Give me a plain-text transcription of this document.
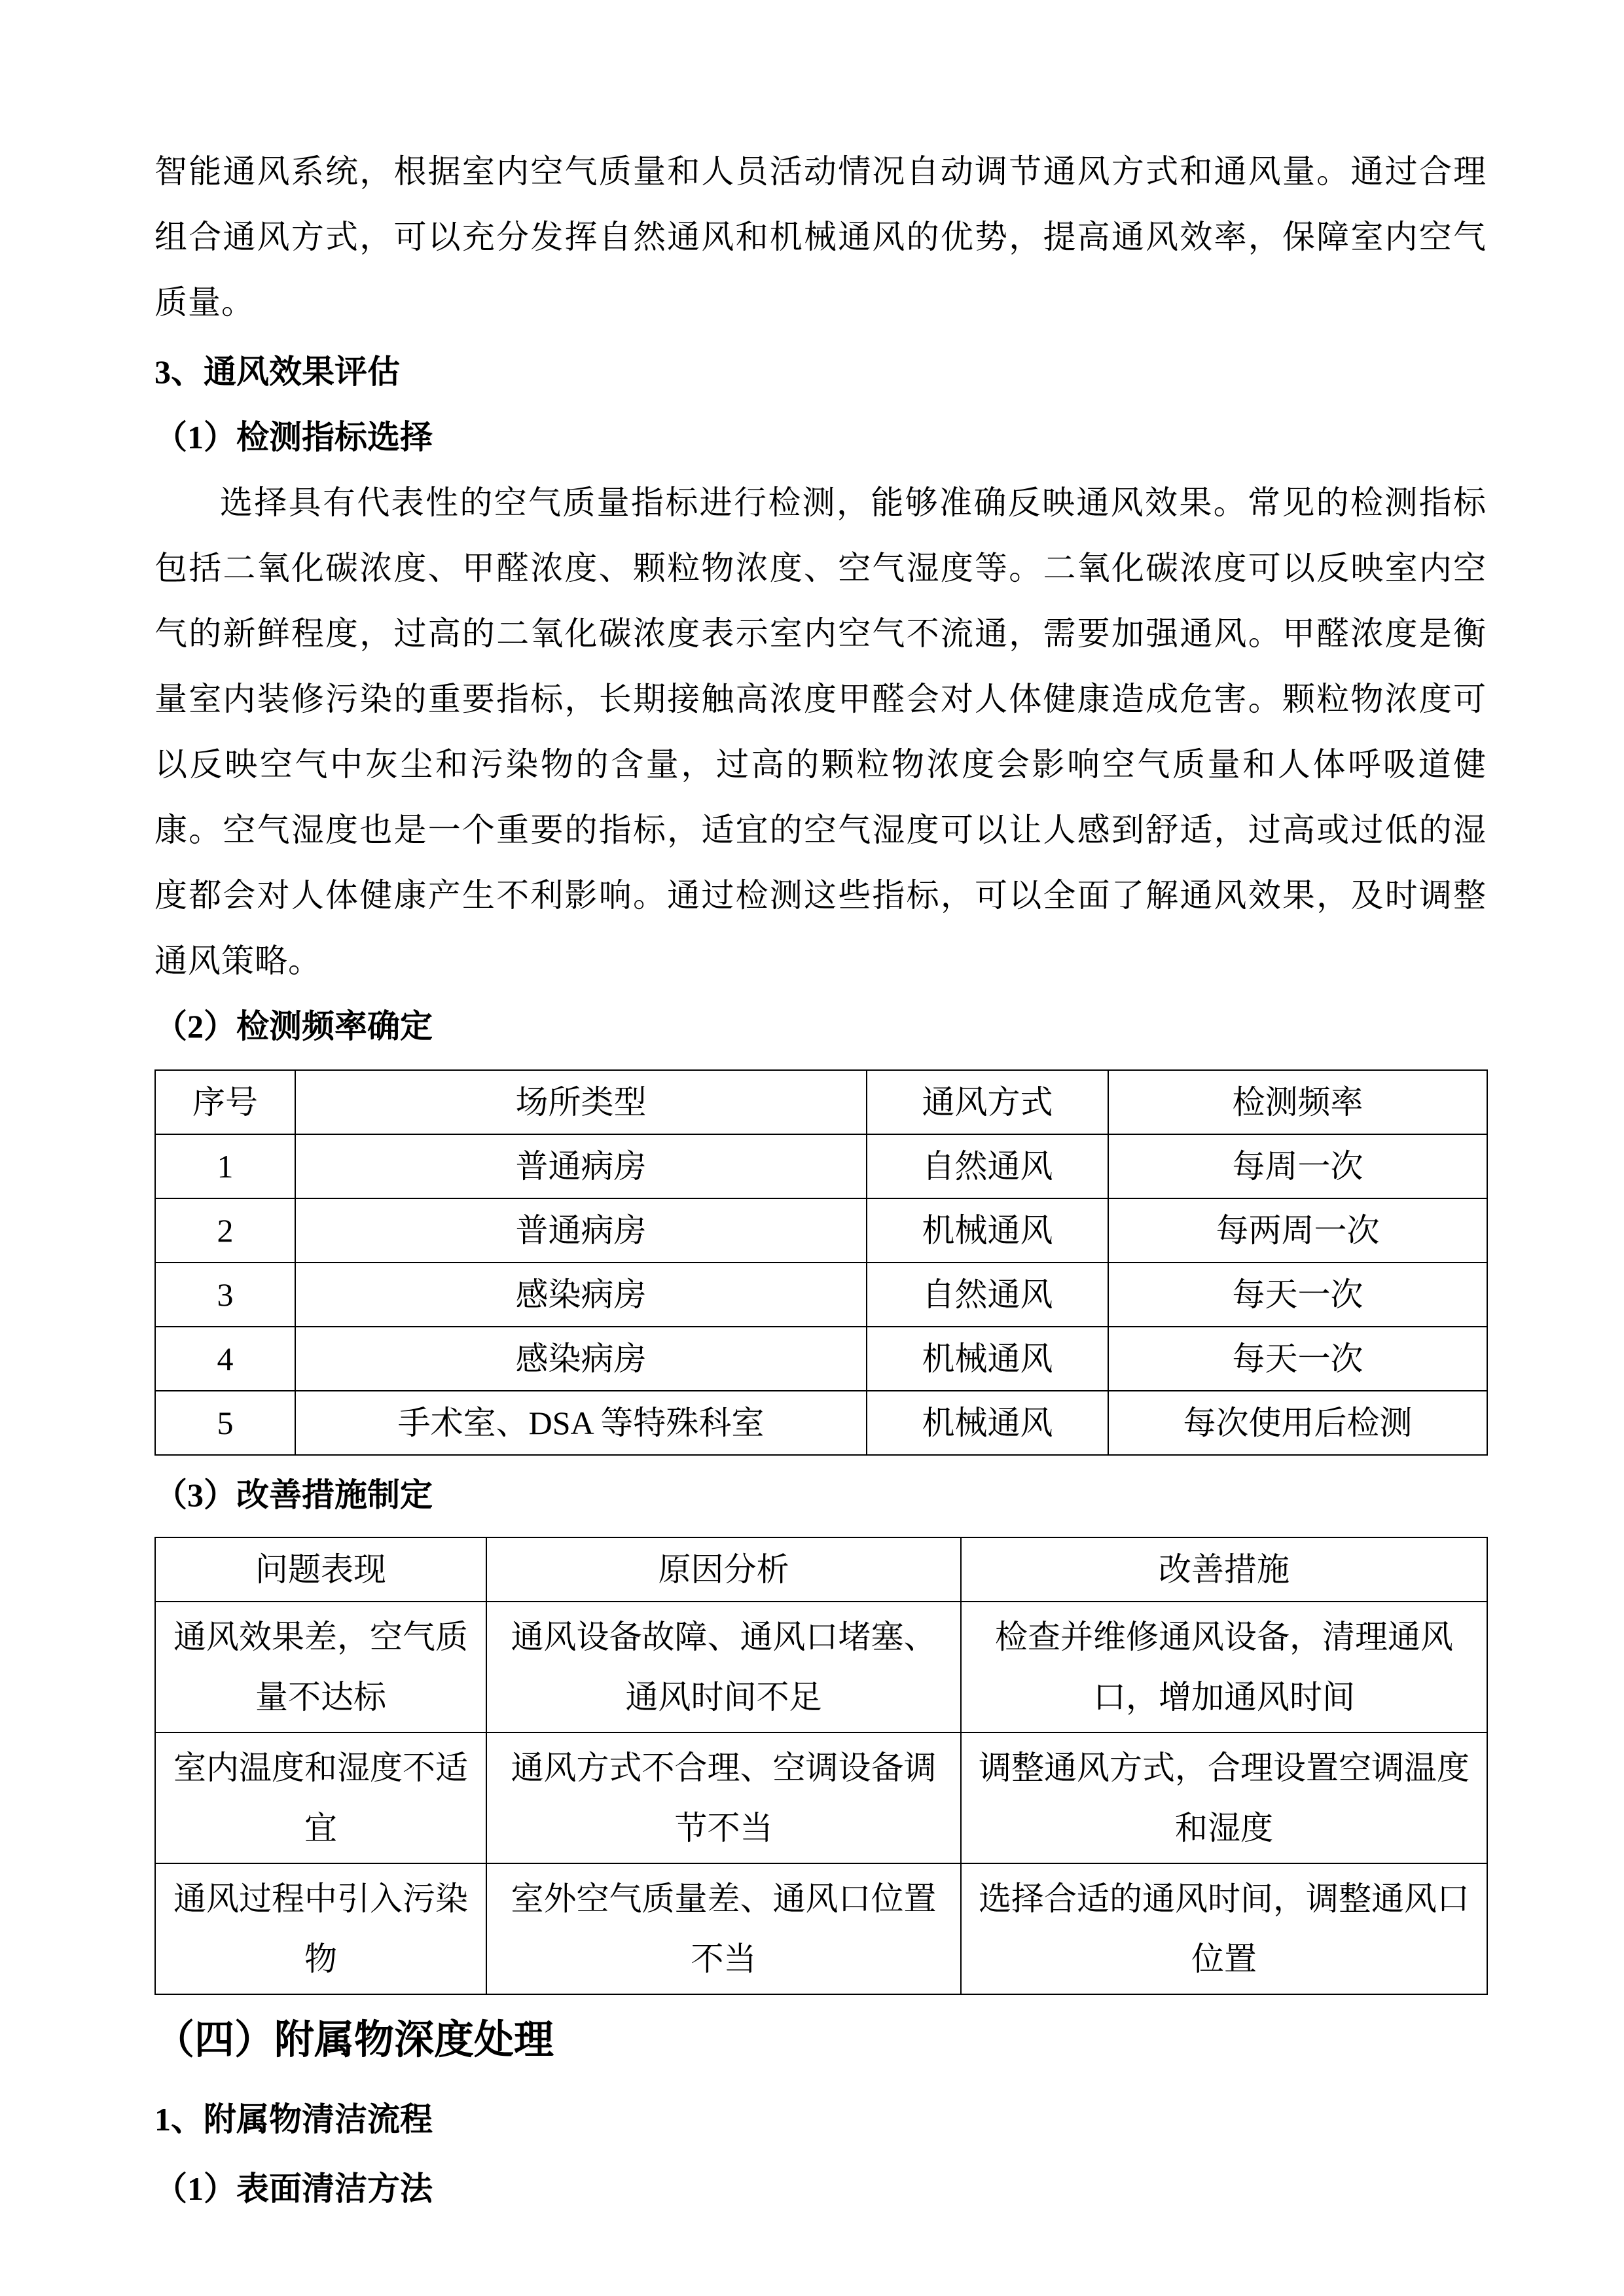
智能通风系统，根据室内空气质量和人员活动情况自动调节通风方式和通风量。通过合理组合通风方式，可以充分发挥自然通风和机械通风的优势，提高通风效率，保障室内空气质量。

3、通风效果评估
（1）检测指标选择

选择具有代表性的空气质量指标进行检测，能够准确反映通风效果。常见的检测指标包括二氧化碳浓度、甲醛浓度、颗粒物浓度、空气湿度等。二氧化碳浓度可以反映室内空气的新鲜程度，过高的二氧化碳浓度表示室内空气不流通，需要加强通风。甲醛浓度是衡量室内装修污染的重要指标，长期接触高浓度甲醛会对人体健康造成危害。颗粒物浓度可以反映空气中灰尘和污染物的含量，过高的颗粒物浓度会影响空气质量和人体呼吸道健康。空气湿度也是一个重要的指标，适宜的空气湿度可以让人感到舒适，过高或过低的湿度都会对人体健康产生不利影响。通过检测这些指标，可以全面了解通风效果，及时调整通风策略。

（2）检测频率确定
序号	场所类型	通风方式	检测频率
1	普通病房	自然通风	每周一次
2	普通病房	机械通风	每两周一次
3	感染病房	自然通风	每天一次
4	感染病房	机械通风	每天一次
5	手术室、DSA 等特殊科室	机械通风	每次使用后检测
（3）改善措施制定
问题表现	原因分析	改善措施
通风效果差，空气质量不达标	通风设备故障、通风口堵塞、通风时间不足	检查并维修通风设备，清理通风口，增加通风时间
室内温度和湿度不适宜	通风方式不合理、空调设备调节不当	调整通风方式，合理设置空调温度和湿度
通风过程中引入污染物	室外空气质量差、通风口位置不当	选择合适的通风时间，调整通风口位置
（四）附属物深度处理
1、附属物清洁流程
（1）表面清洁方法
